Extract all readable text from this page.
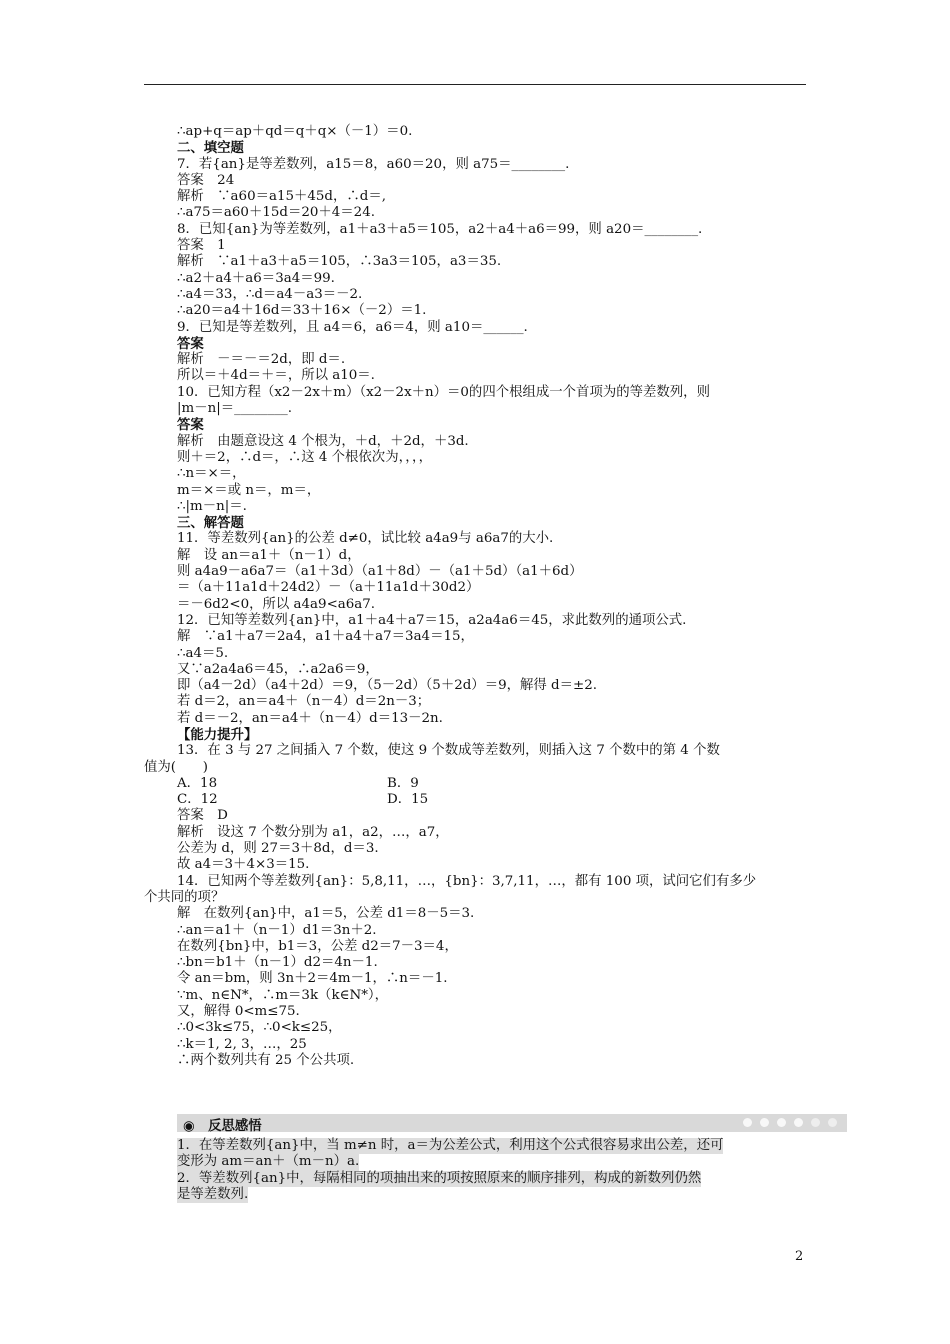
∴ap+q＝ap＋qd＝q＋q×（－1）＝0.
二、填空题
7．若{an}是等差数列，a15＝8，a60＝20，则 a75＝________.
答案　24
解析　∵a60＝a15＋45d，∴d＝,
∴a75＝a60＋15d＝20＋4＝24.
8．已知{an}为等差数列，a1＋a3＋a5＝105，a2＋a4＋a6＝99，则 a20＝________.
答案　1
解析　∵a1＋a3＋a5＝105，∴3a3＝105，a3＝35.
∴a2＋a4＋a6＝3a4＝99.
∴a4＝33，∴d＝a4－a3＝－2.
∴a20＝a4＋16d＝33＋16×（－2）＝1.
9．已知是等差数列，且 a4＝6，a6＝4，则 a10＝______.
答案
解析　－＝－＝2d，即 d＝.
所以＝＋4d＝＋＝，所以 a10＝.
10．已知方程（x2－2x＋m）（x2－2x＋n）＝0的四个根组成一个首项为的等差数列，则
|m－n|＝________.
答案
解析　由题意设这 4 个根为，＋d，＋2d，＋3d.
则＋＝2，∴d＝，∴这 4 个根依次为，，，，
∴n＝×＝，
m＝×＝或 n＝，m＝，
∴|m－n|＝.
三、解答题
11．等差数列{an}的公差 d≠0，试比较 a4a9与 a6a7的大小.
解　设 an＝a1＋（n－1）d，
则 a4a9－a6a7＝（a1＋3d）（a1＋8d）－（a1＋5d）（a1＋6d）
＝（a＋11a1d＋24d2）－（a＋11a1d＋30d2）
＝－6d2<0，所以 a4a9<a6a7.
12．已知等差数列{an}中，a1＋a4＋a7＝15，a2a4a6＝45，求此数列的通项公式.
解　∵a1＋a7＝2a4，a1＋a4＋a7＝3a4＝15，
∴a4＝5.
又∵a2a4a6＝45，∴a2a6＝9，
即（a4－2d）（a4＋2d）＝9，（5－2d）（5＋2d）＝9，解得 d＝±2.
若 d＝2，an＝a4＋（n－4）d＝2n－3；
若 d＝－2，an＝a4＋（n－4）d＝13－2n.
【能力提升】
13．在 3 与 27 之间插入 7 个数，使这 9 个数成等差数列，则插入这 7 个数中的第 4 个数
值为(　　)
A．18	B．9
C．12	D．15
答案　D
解析　设这 7 个数分别为 a1，a2，…，a7，
公差为 d，则 27＝3＋8d，d＝3.
故 a4＝3＋4×3＝15.
14．已知两个等差数列{an}：5,8,11，…，{bn}：3,7,11，…，都有 100 项，试问它们有多少
个共同的项？
解　在数列{an}中，a1＝5，公差 d1＝8－5＝3.
∴an＝a1＋（n－1）d1＝3n＋2.
在数列{bn}中，b1＝3，公差 d2＝7－3＝4，
∴bn＝b1＋（n－1）d2＝4n－1.
令 an＝bm，则 3n＋2＝4m－1，∴n＝－1.
∵m、n∈N*，∴m＝3k（k∈N*），
又，解得 0<m≤75.
∴0<3k≤75，∴0<k≤25，
∴k＝1, 2, 3，…，25
∴两个数列共有 25 个公共项.
◉　反思感悟
1．在等差数列{an}中，当 m≠n 时，a＝为公差公式，利用这个公式很容易求出公差，还可
变形为 am＝an＋（m－n）a.
2．等差数列{an}中，每隔相同的项抽出来的项按照原来的顺序排列，构成的新数列仍然
是等差数列.
2
